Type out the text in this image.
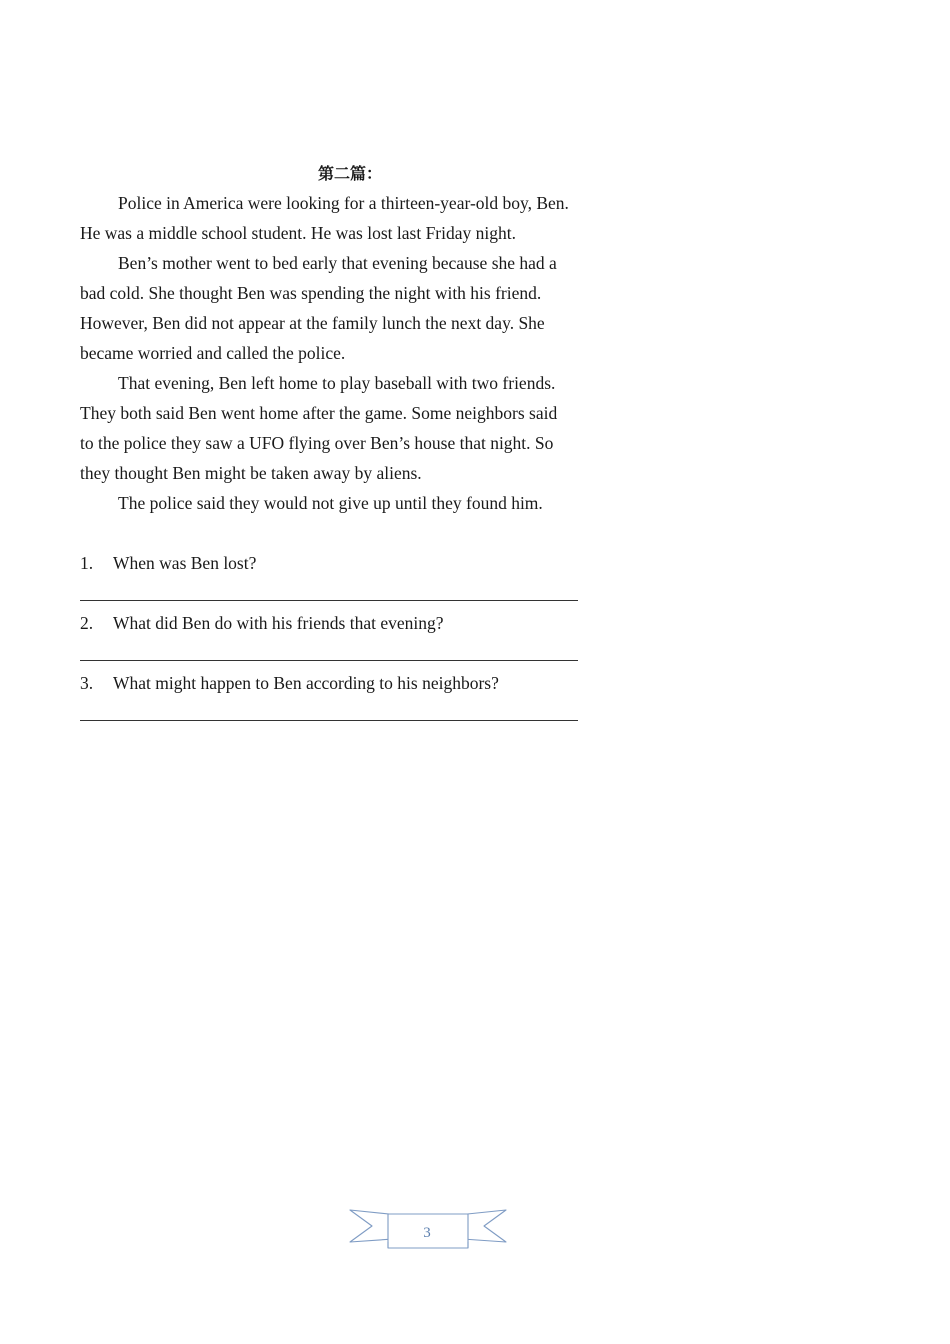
第二篇：

Police in America were looking for a thirteen-year-old boy, Ben.
He was a middle school student. He was lost last Friday night.

Ben’s mother went to bed early that evening because she had a
bad cold. She thought Ben was spending the night with his friend.
However, Ben did not appear at the family lunch the next day. She
became worried and called the police.

That evening, Ben left home to play baseball with two friends.
They both said Ben went home after the game. Some neighbors said
to the police they saw a UFO flying over Ben’s house that night. So
they thought Ben might be taken away by aliens.

The police said they would not give up until they found him.

1.	When was Ben lost?
2.	What did Ben do with his friends that evening?
3.	What might happen to Ben according to his neighbors?
3
